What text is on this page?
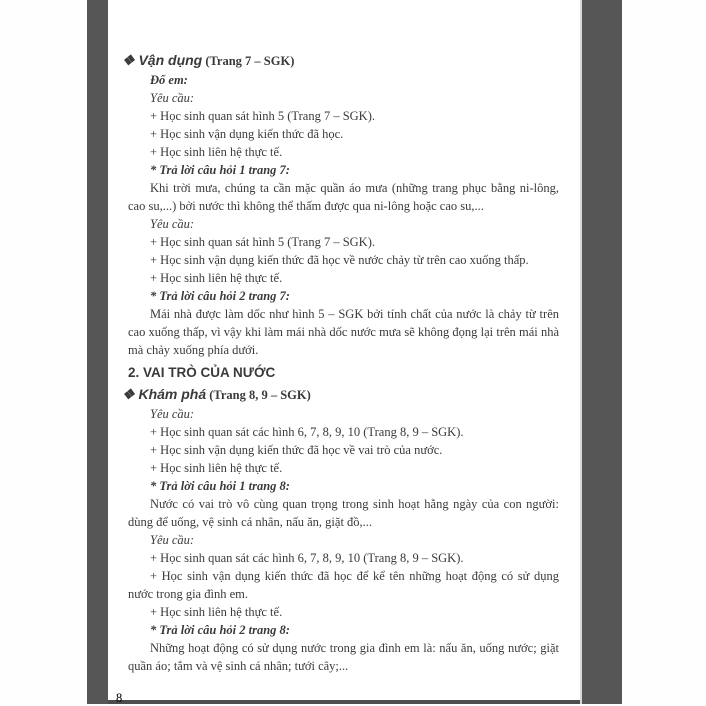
❖ Vận dụng (Trang 7 – SGK)
Đố em:
Yêu cầu:
+ Học sinh quan sát hình 5 (Trang 7 – SGK).
+ Học sinh vận dụng kiến thức đã học.
+ Học sinh liên hệ thực tế.
* Trả lời câu hỏi 1 trang 7:
Khi trời mưa, chúng ta cần mặc quần áo mưa (những trang phục bằng ni-lông, cao su,...) bởi nước thì không thể thấm được qua ni-lông hoặc cao su,...
Yêu cầu:
+ Học sinh quan sát hình 5 (Trang 7 – SGK).
+ Học sinh vận dụng kiến thức đã học về nước chảy từ trên cao xuống thấp.
+ Học sinh liên hệ thực tế.
* Trả lời câu hỏi 2 trang 7:
Mái nhà được làm dốc như hình 5 – SGK bởi tính chất của nước là chảy từ trên cao xuống thấp, vì vậy khi làm mái nhà dốc nước mưa sẽ không đọng lại trên mái nhà mà chảy xuống phía dưới.
2. VAI TRÒ CỦA NƯỚC
❖ Khám phá (Trang 8, 9 – SGK)
Yêu cầu:
+ Học sinh quan sát các hình 6, 7, 8, 9, 10 (Trang 8, 9 – SGK).
+ Học sinh vận dụng kiến thức đã học về vai trò của nước.
+ Học sinh liên hệ thực tế.
* Trả lời câu hỏi 1 trang 8:
Nước có vai trò vô cùng quan trọng trong sinh hoạt hằng ngày của con người: dùng để uống, vệ sinh cá nhân, nấu ăn, giặt đồ,...
Yêu cầu:
+ Học sinh quan sát các hình 6, 7, 8, 9, 10 (Trang 8, 9 – SGK).
+ Học sinh vận dụng kiến thức đã học để kể tên những hoạt động có sử dụng nước trong gia đình em.
+ Học sinh liên hệ thực tế.
* Trả lời câu hỏi 2 trang 8:
Những hoạt động có sử dụng nước trong gia đình em là: nấu ăn, uống nước; giặt quần áo; tắm và vệ sinh cá nhân; tưới cây;...
8
